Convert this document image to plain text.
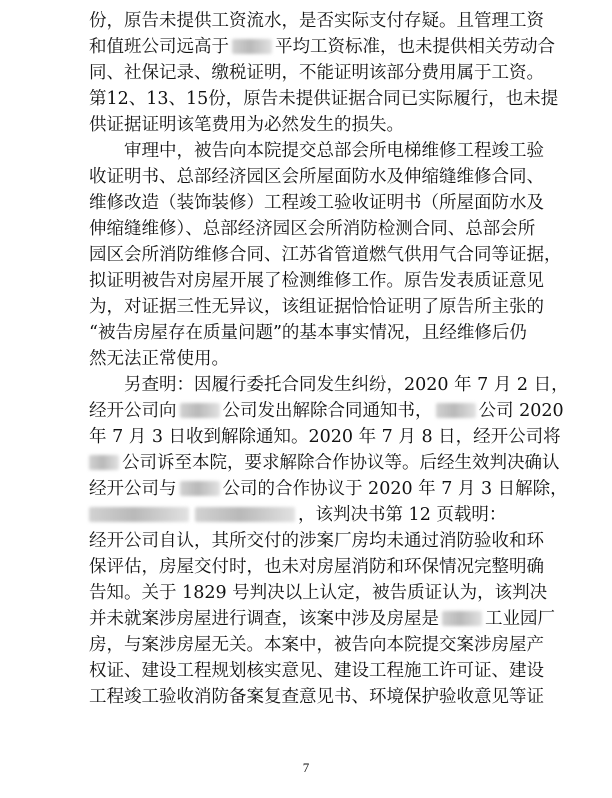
份，原告未提供工资流水，是否实际支付存疑。且管理工资
和值班公司远高于	平均工资标准，也未提供相关劳动合
同、社保记录、缴税证明，不能证明该部分费用属于工资。
第12、13、15份，原告未提供证据合同已实际履行，也未提
供证据证明该笔费用为必然发生的损失。
审理中，被告向本院提交总部会所电梯维修工程竣工验
收证明书、总部经济园区会所屋面防水及伸缩缝维修合同、
维修改造（装饰装修）工程竣工验收证明书（所屋面防水及
伸缩缝维修）、总部经济园区会所消防检测合同、总部会所
园区会所消防维修合同、江苏省管道燃气供用气合同等证据，
拟证明被告对房屋开展了检测维修工作。原告发表质证意见
为，对证据三性无异议，该组证据恰恰证明了原告所主张的
“被告房屋存在质量问题”的基本事实情况，且经维修后仍
然无法正常使用。
另查明：因履行委托合同发生纠纷，2020 年 7 月 2 日，
经开公司向	公司发出解除合同通知书，	公司 2020
年 7 月 3 日收到解除通知。2020 年 7 月 8 日，经开公司将
公司诉至本院，要求解除合作协议等。后经生效判决确认
经开公司与	公司的合作协议于 2020 年 7 月 3 日解除，
，该判决书第 12 页载明：
经开公司自认，其所交付的涉案厂房均未通过消防验收和环
保评估，房屋交付时，也未对房屋消防和环保情况完整明确
告知。关于 1829 号判决以上认定，被告质证认为，该判决
并未就案涉房屋进行调查，该案中涉及房屋是	工业园厂
房，与案涉房屋无关。本案中，被告向本院提交案涉房屋产
权证、建设工程规划核实意见、建设工程施工许可证、建设
工程竣工验收消防备案复查意见书、环境保护验收意见等证
7
